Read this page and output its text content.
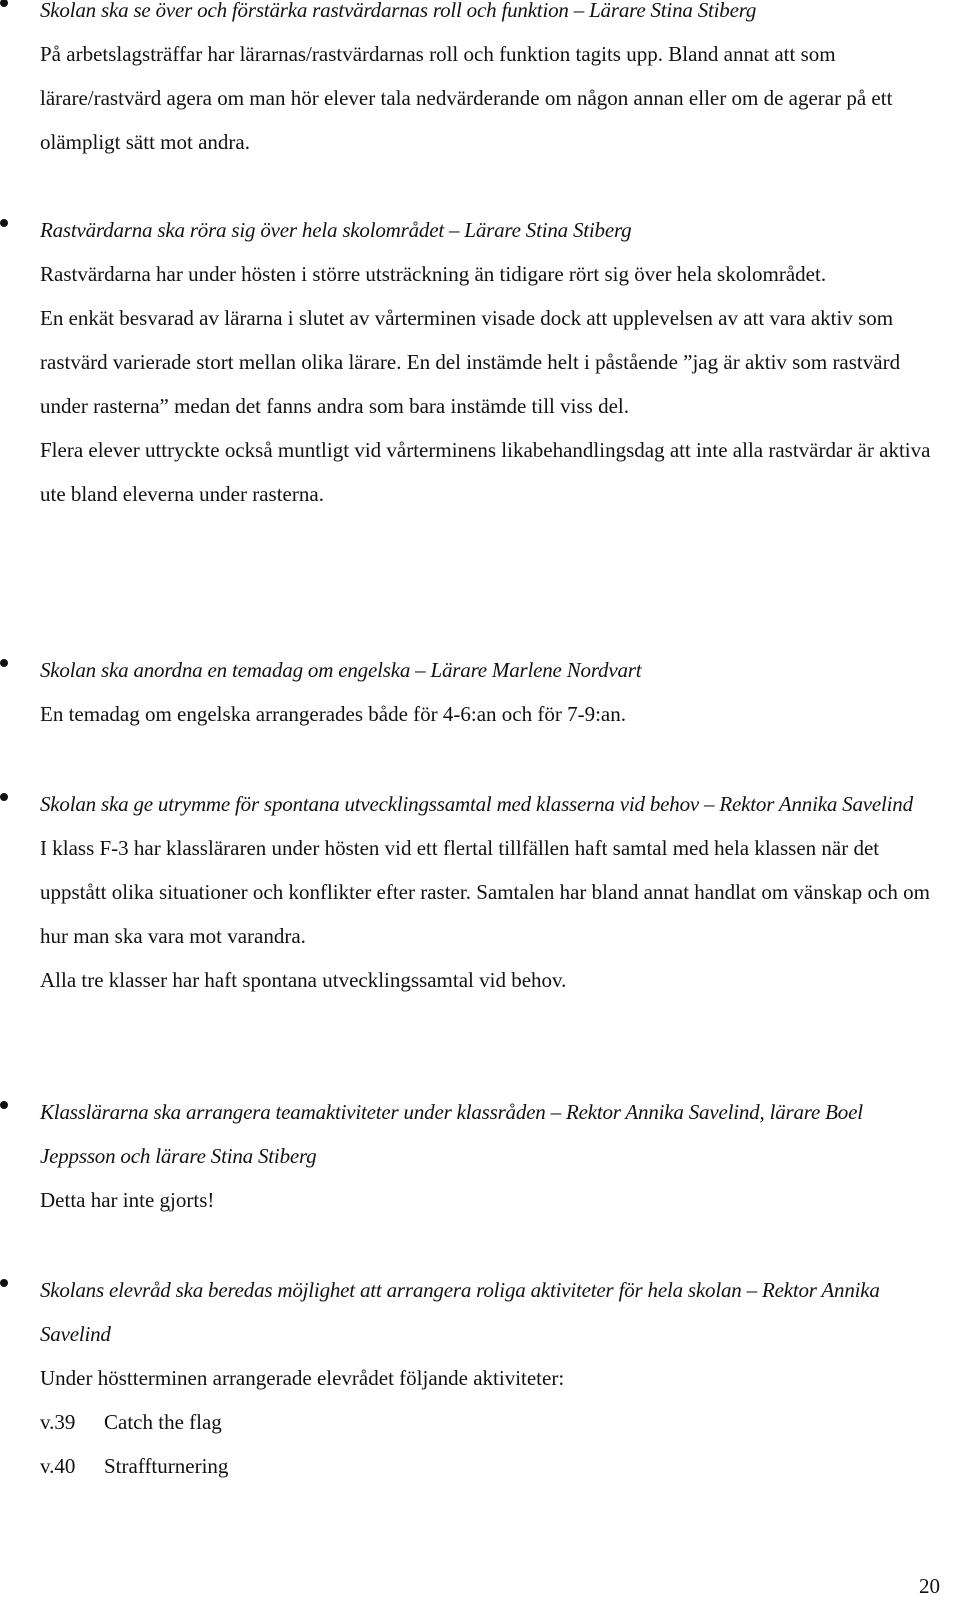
Skolan ska se över och förstärka rastvärdarnas roll och funktion – Lärare Stina Stiberg
På arbetslagsträffar har lärarnas/rastvärdarnas roll och funktion tagits upp. Bland annat att som lärare/rastvärd agera om man hör elever tala nedvärderande om någon annan eller om de agerar på ett olämpligt sätt mot andra.
Rastvärdarna ska röra sig över hela skolområdet – Lärare Stina Stiberg
Rastvärdarna har under hösten i större utsträckning än tidigare rört sig över hela skolområdet.
En enkät besvarad av lärarna i slutet av vårterminen visade dock att upplevelsen av att vara aktiv som rastvärd varierade stort mellan olika lärare. En del instämde helt i påstående ”jag är aktiv som rastvärd under rasterna” medan det fanns andra som bara instämde till viss del.
Flera elever uttryckte också muntligt vid vårterminens likabehandlingsdag att inte alla rastvärdar är aktiva ute bland eleverna under rasterna.
Skolan ska anordna en temadag om engelska – Lärare Marlene Nordvart
En temadag om engelska arrangerades både för 4-6:an och för 7-9:an.
Skolan ska ge utrymme för spontana utvecklingssamtal med klasserna vid behov – Rektor Annika Savelind
I klass F-3 har klassläraren under hösten vid ett flertal tillfällen haft samtal med hela klassen när det uppstått olika situationer och konflikter efter raster. Samtalen har bland annat handlat om vänskap och om hur man ska vara mot varandra.
Alla tre klasser har haft spontana utvecklingssamtal vid behov.
Klasslärarna ska arrangera teamaktiviteter under klassråden – Rektor Annika Savelind, lärare Boel Jeppsson och lärare Stina Stiberg
Detta har inte gjorts!
Skolans elevråd ska beredas möjlighet att arrangera roliga aktiviteter för hela skolan – Rektor Annika Savelind
Under höstterminen arrangerade elevrådet följande aktiviteter:
v.39	Catch the flag
v.40	Straffturnering
20
